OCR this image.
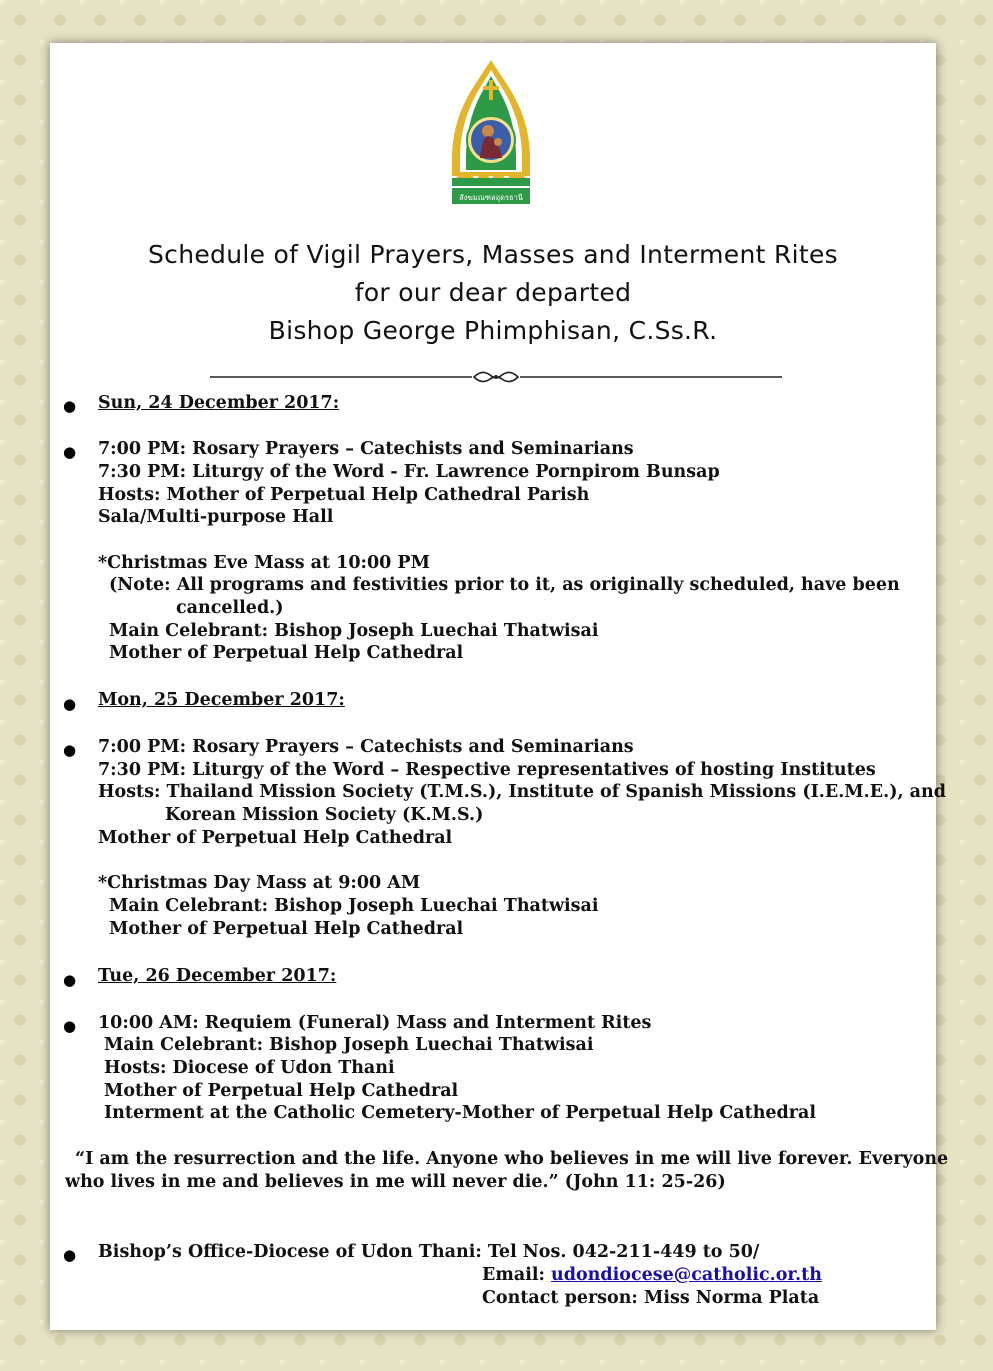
สังฆมณฑลอุดรธานี
Schedule of Vigil Prayers, Masses and Interment Rites
for our dear departed
Bishop George Phimphisan, C.Ss.R.
● Sun, 24 December 2017:
● 7:00 PM: Rosary Prayers – Catechists and Seminarians
7:30 PM: Liturgy of the Word - Fr. Lawrence Pornpirom Bunsap
Hosts: Mother of Perpetual Help Cathedral Parish
Sala/Multi-purpose Hall
*Christmas Eve Mass at 10:00 PM
(Note: All programs and festivities prior to it, as originally scheduled, have been
cancelled.)
Main Celebrant: Bishop Joseph Luechai Thatwisai
Mother of Perpetual Help Cathedral
● Mon, 25 December 2017:
● 7:00 PM: Rosary Prayers – Catechists and Seminarians
7:30 PM: Liturgy of the Word – Respective representatives of hosting Institutes
Hosts: Thailand Mission Society (T.M.S.), Institute of Spanish Missions (I.E.M.E.), and
Korean Mission Society (K.M.S.)
Mother of Perpetual Help Cathedral
*Christmas Day Mass at 9:00 AM
Main Celebrant: Bishop Joseph Luechai Thatwisai
Mother of Perpetual Help Cathedral
● Tue, 26 December 2017:
● 10:00 AM: Requiem (Funeral) Mass and Interment Rites
Main Celebrant: Bishop Joseph Luechai Thatwisai
Hosts: Diocese of Udon Thani
Mother of Perpetual Help Cathedral
Interment at the Catholic Cemetery-Mother of Perpetual Help Cathedral
“I am the resurrection and the life. Anyone who believes in me will live forever. Everyone
who lives in me and believes in me will never die.” (John 11: 25-26)
● Bishop’s Office-Diocese of Udon Thani: Tel Nos. 042-211-449 to 50/
Email: udondiocese@catholic.or.th
Contact person: Miss Norma Plata
